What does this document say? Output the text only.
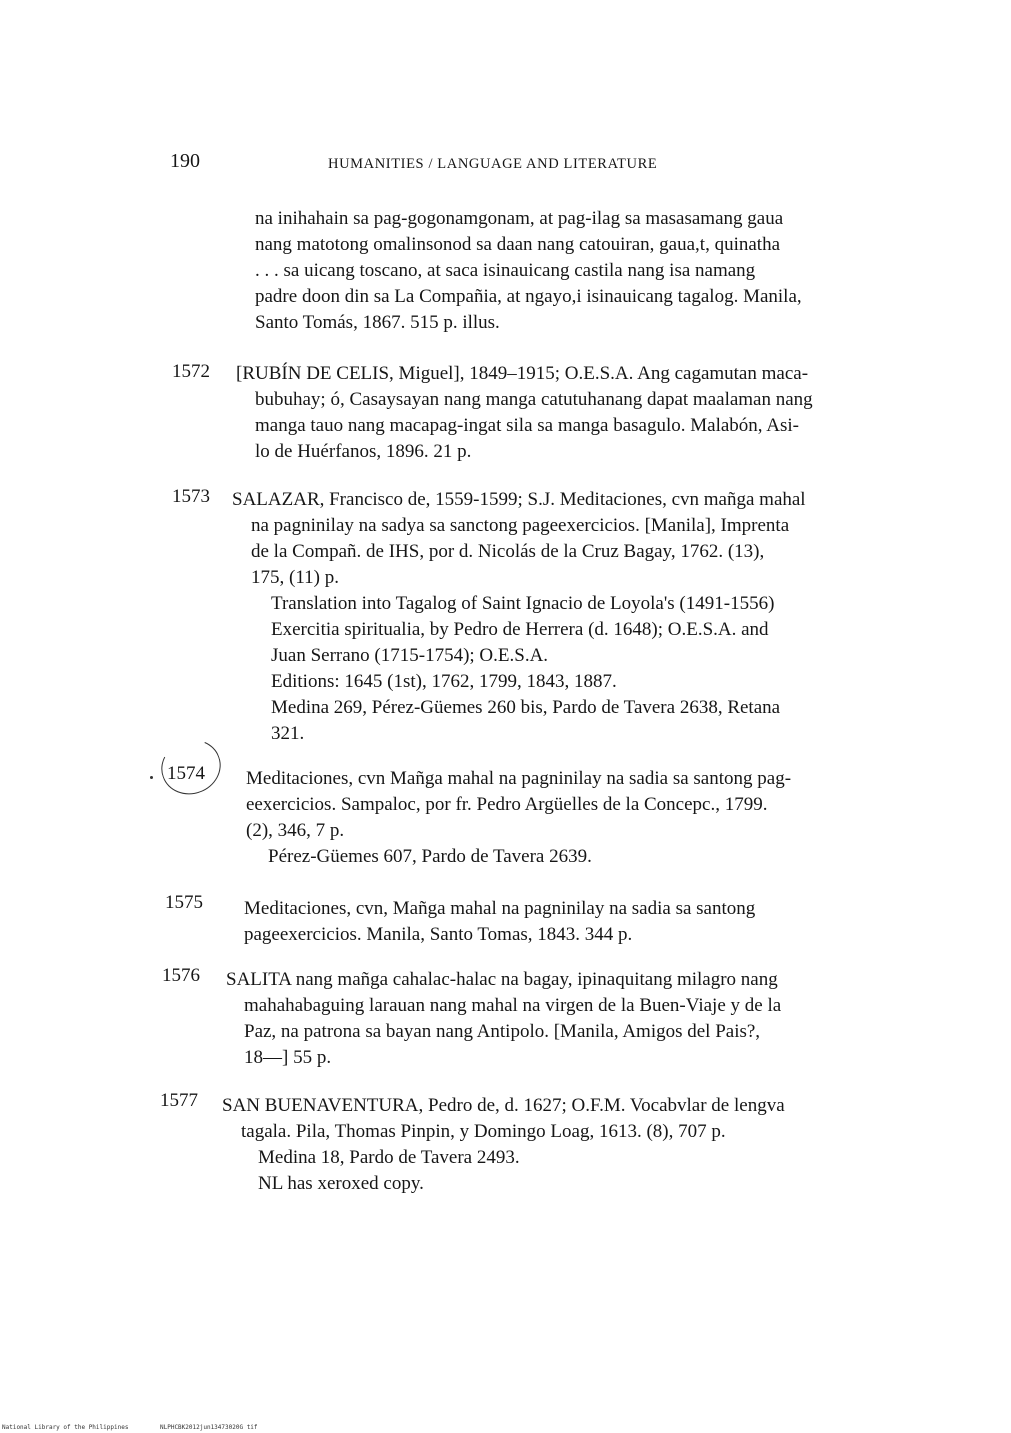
190	HUMANITIES / LANGUAGE AND LITERATURE
na inihahain sa pag-gogonamgonam, at pag-ilag sa masasamang gaua
nang matotong omalinsonod sa daan nang catouiran, gaua,t, quinatha
. . . sa uicang toscano, at saca isinauicang castila nang isa namang
padre doon din sa La Compañia, at ngayo,i isinauicang tagalog. Manila,
Santo Tomás, 1867. 515 p. illus.
1572 [RUBÍN DE CELIS, Miguel], 1849–1915; O.E.S.A. Ang cagamutan maca-
bubuhay; ó, Casaysayan nang manga catutuhanang dapat maalaman nang
manga tauo nang macapag-ingat sila sa manga basagulo. Malabón, Asi-
lo de Huérfanos, 1896. 21 p.
1573 SALAZAR, Francisco de, 1559-1599; S.J. Meditaciones, cvn mañga mahal
na pagninilay na sadya sa sanctong pageexercicios. [Manila], Imprenta
de la Compañ. de IHS, por d. Nicolás de la Cruz Bagay, 1762. (13),
175, (11) p.
Translation into Tagalog of Saint Ignacio de Loyola's (1491-1556)
Exercitia spiritualia, by Pedro de Herrera (d. 1648); O.E.S.A. and
Juan Serrano (1715-1754); O.E.S.A.
Editions: 1645 (1st), 1762, 1799, 1843, 1887.
Medina 269, Pérez-Güemes 260 bis, Pardo de Tavera 2638, Retana
321.
1574 Meditaciones, cvn Mañga mahal na pagninilay na sadia sa santong pag-
eexercicios. Sampaloc, por fr. Pedro Argüelles de la Concepc., 1799.
(2), 346, 7 p.
Pérez-Güemes 607, Pardo de Tavera 2639.
1575 Meditaciones, cvn, Mañga mahal na pagninilay na sadia sa santong
pageexercicios. Manila, Santo Tomas, 1843. 344 p.
1576 SALITA nang mañga cahalac-halac na bagay, ipinaquitang milagro nang
mahahabaguing larauan nang mahal na virgen de la Buen-Viaje y de la
Paz, na patrona sa bayan nang Antipolo. [Manila, Amigos del Pais?,
18—] 55 p.
1577 SAN BUENAVENTURA, Pedro de, d. 1627; O.F.M. Vocabvlar de lengva
tagala. Pila, Thomas Pinpin, y Domingo Loag, 1613. (8), 707 p.
Medina 18, Pardo de Tavera 2493.
NL has xeroxed copy.
National Library of the Philippines	NLPHCBK2012jun13473020G tif
